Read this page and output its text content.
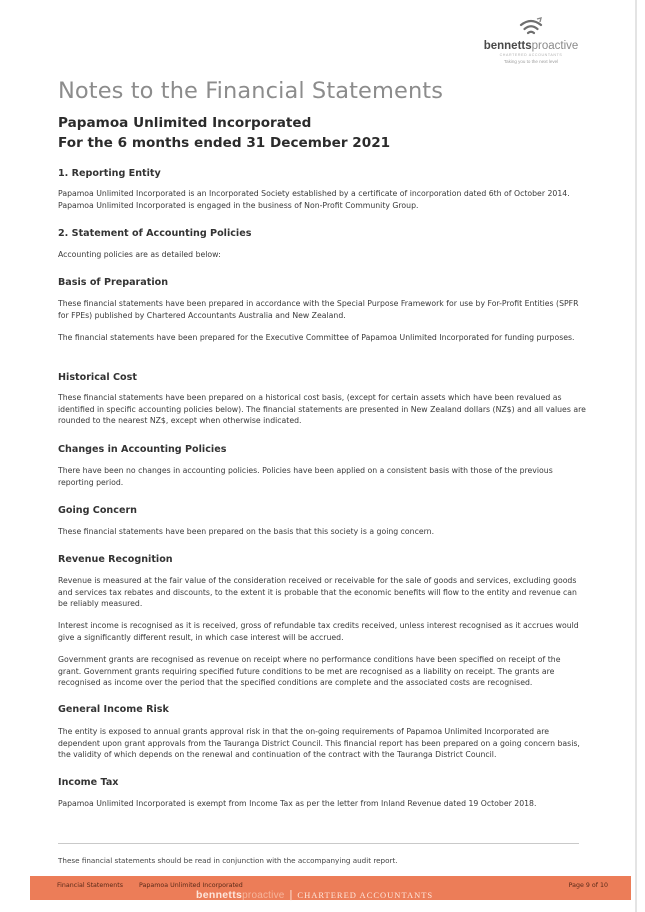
bennettsproactive
CHARTERED ACCOUNTANTS
Taking you to the next level
Notes to the Financial Statements
Papamoa Unlimited Incorporated
For the 6 months ended 31 December 2021
1. Reporting Entity

Papamoa Unlimited Incorporated is an Incorporated Society established by a certificate of incorporation dated 6th of October 2014. Papamoa Unlimited Incorporated is engaged in the business of Non-Profit Community Group.

2. Statement of Accounting Policies

Accounting policies are as detailed below:

Basis of Preparation

These financial statements have been prepared in accordance with the Special Purpose Framework for use by For-Profit Entities (SPFR for FPEs) published by Chartered Accountants Australia and New Zealand.

The financial statements have been prepared for the Executive Committee of Papamoa Unlimited Incorporated for funding purposes.

Historical Cost

These financial statements have been prepared on a historical cost basis, (except for certain assets which have been revalued as identified in specific accounting policies below). The financial statements are presented in New Zealand dollars (NZ$) and all values are rounded to the nearest NZ$, except when otherwise indicated.

Changes in Accounting Policies

There have been no changes in accounting policies. Policies have been applied on a consistent basis with those of the previous reporting period.

Going Concern

These financial statements have been prepared on the basis that this society is a going concern.

Revenue Recognition

Revenue is measured at the fair value of the consideration received or receivable for the sale of goods and services, excluding goods and services tax rebates and discounts, to the extent it is probable that the economic benefits will flow to the entity and revenue can be reliably measured.

Interest income is recognised as it is received, gross of refundable tax credits received, unless interest recognised as it accrues would give a significantly different result, in which case interest will be accrued.

Government grants are recognised as revenue on receipt where no performance conditions have been specified on receipt of the grant. Government grants requiring specified future conditions to be met are recognised as a liability on receipt. The grants are recognised as income over the period that the specified conditions are complete and the associated costs are recognised.

General Income Risk

The entity is exposed to annual grants approval risk in that the on-going requirements of Papamoa Unlimited Incorporated are dependent upon grant approvals from the Tauranga District Council. This financial report has been prepared on a going concern basis, the validity of which depends on the renewal and continuation of the contract with the Tauranga District Council.

Income Tax

Papamoa Unlimited Incorporated is exempt from Income Tax as per the letter from Inland Revenue dated 19 October 2018.

These financial statements should be read in conjunction with the accompanying audit report.

Financial Statements	Papamoa Unlimited Incorporated
bennettsproactive | CHARTERED ACCOUNTANTS
Page 9 of 10
